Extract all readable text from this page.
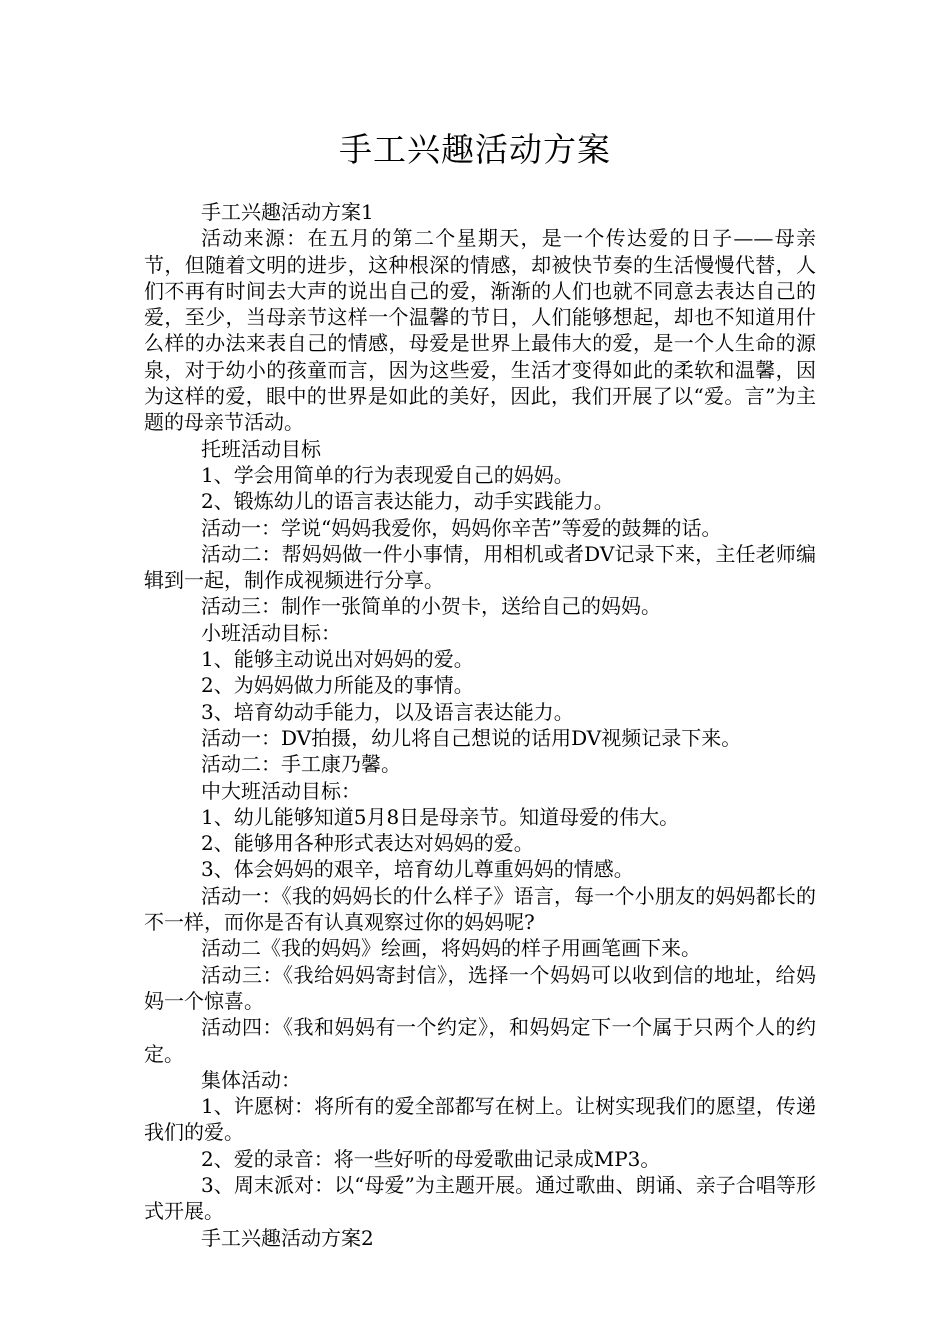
手工兴趣活动方案

手工兴趣活动方案1

活动来源：在五月的第二个星期天，是一个传达爱的日子——母亲节，但随着文明的进步，这种根深的情感，却被快节奏的生活慢慢代替，人们不再有时间去大声的说出自己的爱，渐渐的人们也就不同意去表达自己的爱，至少，当母亲节这样一个温馨的节日，人们能够想起，却也不知道用什么样的办法来表自己的情感，母爱是世界上最伟大的爱，是一个人生命的源泉，对于幼小的孩童而言，因为这些爱，生活才变得如此的柔软和温馨，因为这样的爱，眼中的世界是如此的美好，因此，我们开展了以“爱。言”为主题的母亲节活动。

托班活动目标

1、学会用简单的行为表现爱自己的妈妈。

2、锻炼幼儿的语言表达能力，动手实践能力。

活动一：学说“妈妈我爱你，妈妈你辛苦”等爱的鼓舞的话。

活动二：帮妈妈做一件小事情，用相机或者DV记录下来，主任老师编辑到一起，制作成视频进行分享。

活动三：制作一张简单的小贺卡，送给自己的妈妈。

小班活动目标：

1、能够主动说出对妈妈的爱。

2、为妈妈做力所能及的事情。

3、培育幼动手能力，以及语言表达能力。

活动一：DV拍摄，幼儿将自己想说的话用DV视频记录下来。

活动二：手工康乃馨。

中大班活动目标：

1、幼儿能够知道5月8日是母亲节。知道母爱的伟大。

2、能够用各种形式表达对妈妈的爱。

3、体会妈妈的艰辛，培育幼儿尊重妈妈的情感。

活动一：《我的妈妈长的什么样子》语言，每一个小朋友的妈妈都长的不一样，而你是否有认真观察过你的妈妈呢?

活动二《我的妈妈》绘画，将妈妈的样子用画笔画下来。

活动三：《我给妈妈寄封信》，选择一个妈妈可以收到信的地址，给妈妈一个惊喜。

活动四：《我和妈妈有一个约定》，和妈妈定下一个属于只两个人的约定。

集体活动：

1、许愿树：将所有的爱全部都写在树上。让树实现我们的愿望，传递我们的爱。

2、爱的录音：将一些好听的母爱歌曲记录成MP3。

3、周末派对：以“母爱”为主题开展。通过歌曲、朗诵、亲子合唱等形式开展。

手工兴趣活动方案2
